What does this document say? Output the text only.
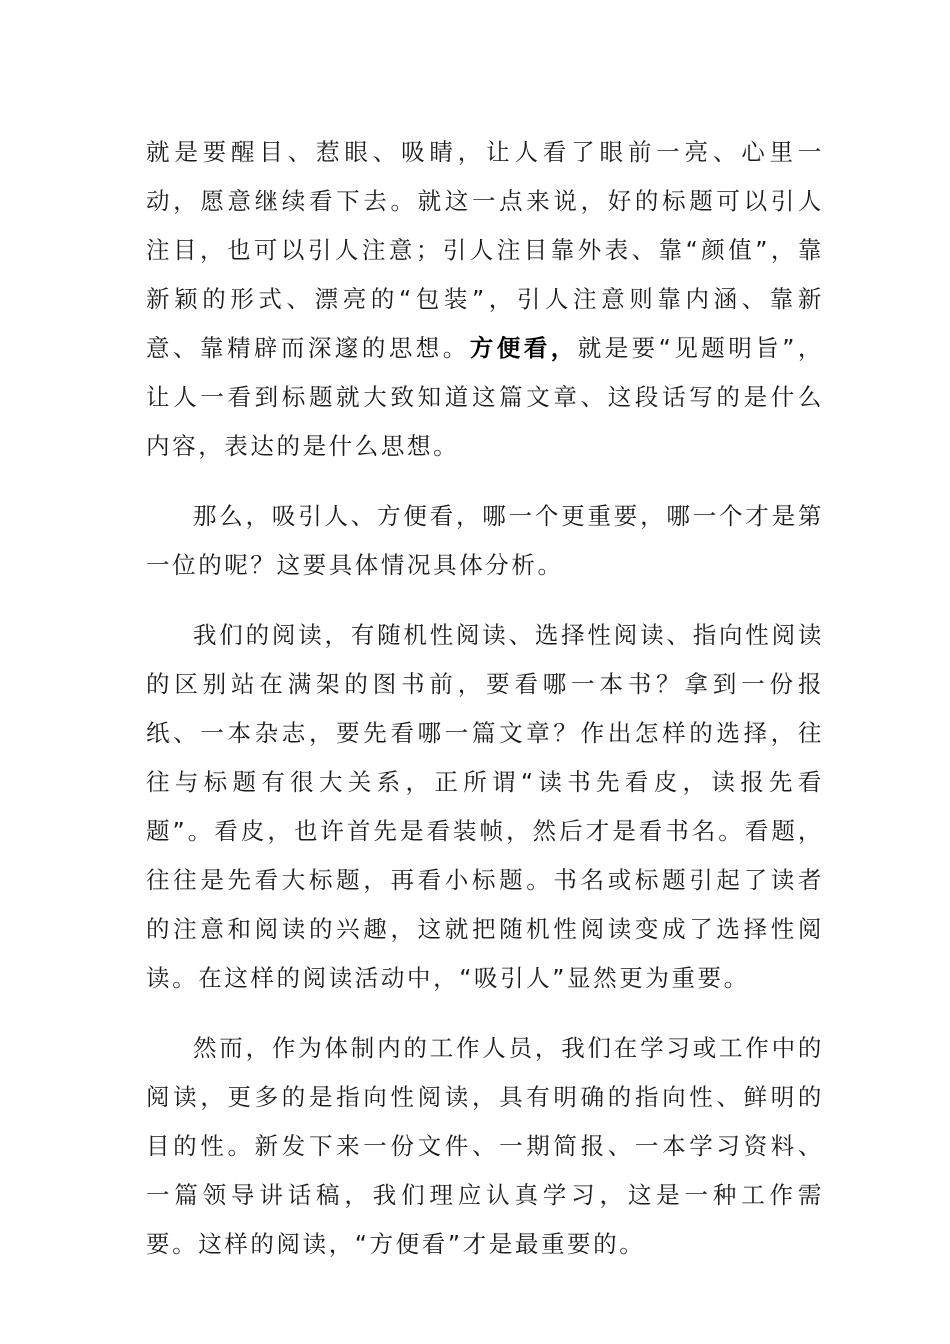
就是要醒目、惹眼、吸睛，让人看了眼前一亮、心里一动，愿意继续看下去。就这一点来说，好的标题可以引人注目，也可以引人注意；引人注目靠外表、靠“颜值”，靠新颖的形式、漂亮的“包装”，引人注意则靠内涵、靠新意、靠精辟而深邃的思想。方便看，就是要“见题明旨”，让人一看到标题就大致知道这篇文章、这段话写的是什么内容，表达的是什么思想。

那么，吸引人、方便看，哪一个更重要，哪一个才是第一位的呢？这要具体情况具体分析。

我们的阅读，有随机性阅读、选择性阅读、指向性阅读的区别站在满架的图书前，要看哪一本书？拿到一份报纸、一本杂志，要先看哪一篇文章？作出怎样的选择，往往与标题有很大关系，正所谓“读书先看皮，读报先看题”。看皮，也许首先是看装帧，然后才是看书名。看题，往往是先看大标题，再看小标题。书名或标题引起了读者的注意和阅读的兴趣，这就把随机性阅读变成了选择性阅读。在这样的阅读活动中，“吸引人”显然更为重要。

然而，作为体制内的工作人员，我们在学习或工作中的阅读，更多的是指向性阅读，具有明确的指向性、鲜明的目的性。新发下来一份文件、一期简报、一本学习资料、一篇领导讲话稿，我们理应认真学习，这是一种工作需要。这样的阅读，“方便看”才是最重要的。
